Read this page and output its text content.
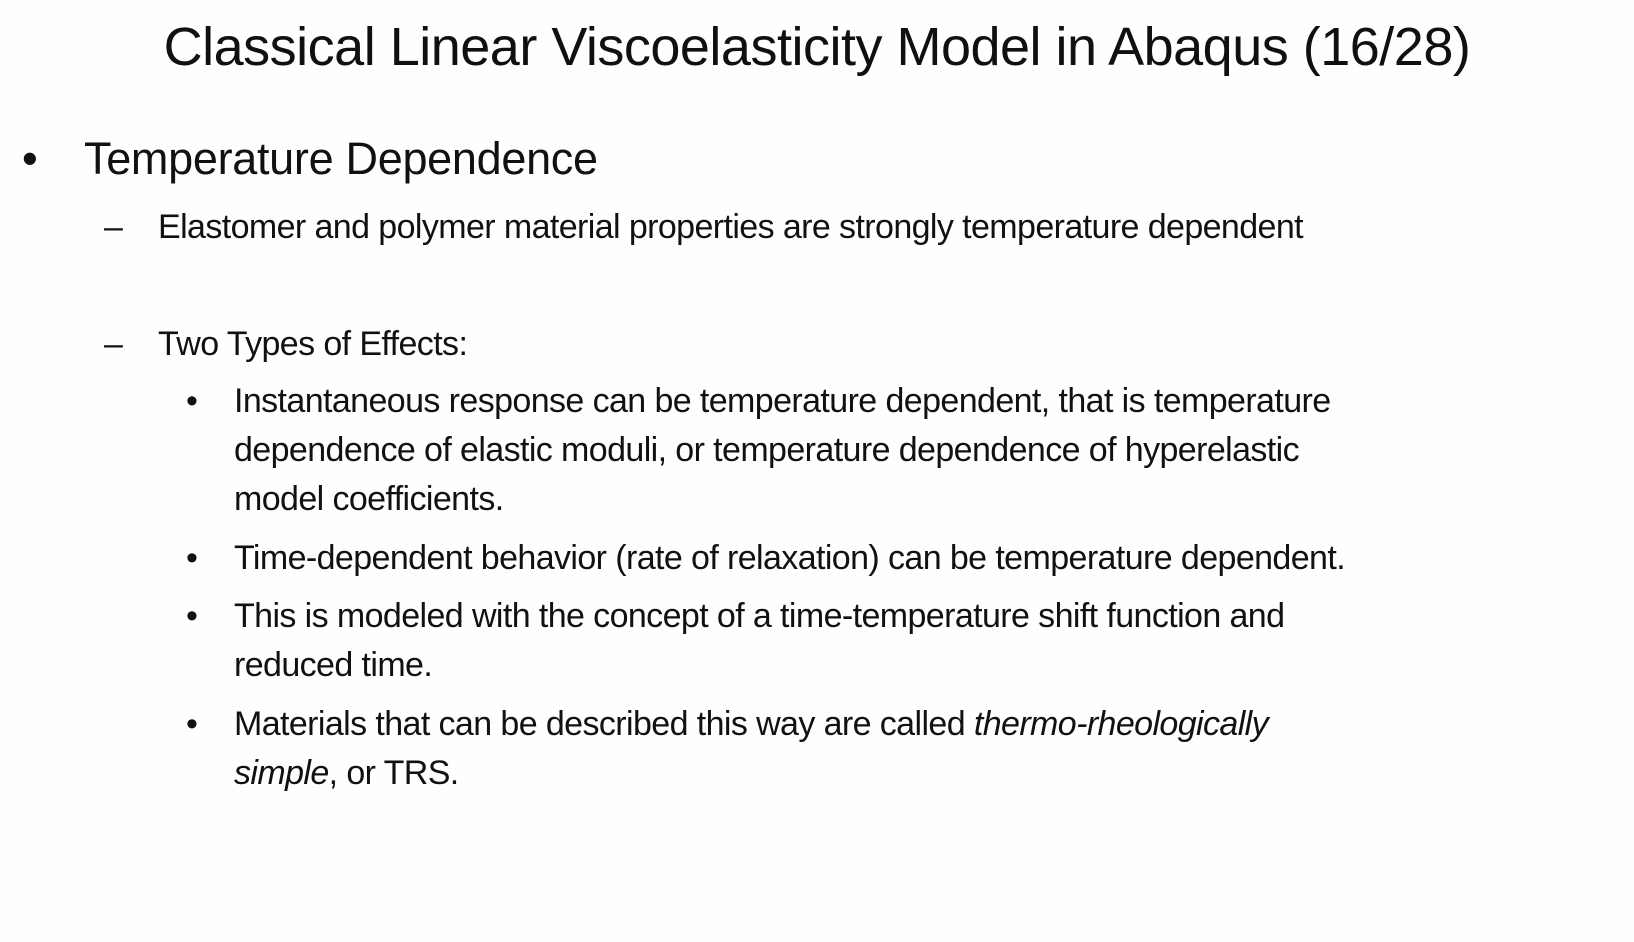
Classical Linear Viscoelasticity Model in Abaqus (16/28)
•	Temperature Dependence
– Elastomer and polymer material properties are strongly temperature dependent
– Two Types of Effects:
• Instantaneous response can be temperature dependent, that is temperature
dependence of elastic moduli, or temperature dependence of hyperelastic
model coefficients.
• Time-dependent behavior (rate of relaxation) can be temperature dependent.
• This is modeled with the concept of a time-temperature shift function and
reduced time.
• Materials that can be described this way are called thermo-rheologically
simple, or TRS.
